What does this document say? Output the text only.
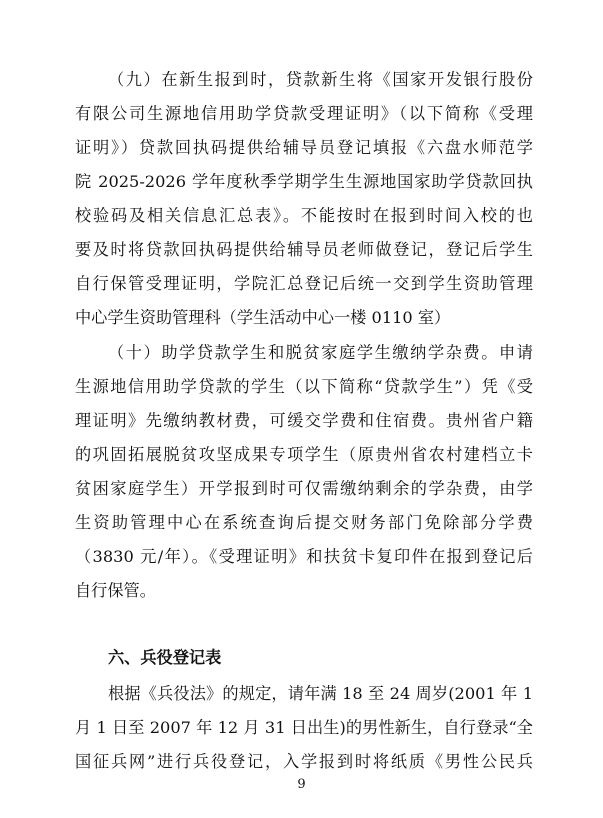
（九）在新生报到时，贷款新生将《国家开发银行股份
有限公司生源地信用助学贷款受理证明》（以下简称《受理
证明》）贷款回执码提供给辅导员登记填报《六盘水师范学
院 2025-2026 学年度秋季学期学生生源地国家助学贷款回执
校验码及相关信息汇总表》。不能按时在报到时间入校的也
要及时将贷款回执码提供给辅导员老师做登记，登记后学生
自行保管受理证明，学院汇总登记后统一交到学生资助管理
中心学生资助管理科（学生活动中心一楼 0110 室）
（十）助学贷款学生和脱贫家庭学生缴纳学杂费。申请
生源地信用助学贷款的学生（以下简称“贷款学生”）凭《受
理证明》先缴纳教材费，可缓交学费和住宿费。贵州省户籍
的巩固拓展脱贫攻坚成果专项学生（原贵州省农村建档立卡
贫困家庭学生）开学报到时可仅需缴纳剩余的学杂费，由学
生资助管理中心在系统查询后提交财务部门免除部分学费
（3830 元/年）。《受理证明》和扶贫卡复印件在报到登记后
自行保管。
六、兵役登记表
根据《兵役法》的规定，请年满 18 至 24 周岁(2001 年 1
月 1 日至 2007 年 12 月 31 日出生)的男性新生，自行登录“全
国征兵网”进行兵役登记，入学报到时将纸质《男性公民兵
9
